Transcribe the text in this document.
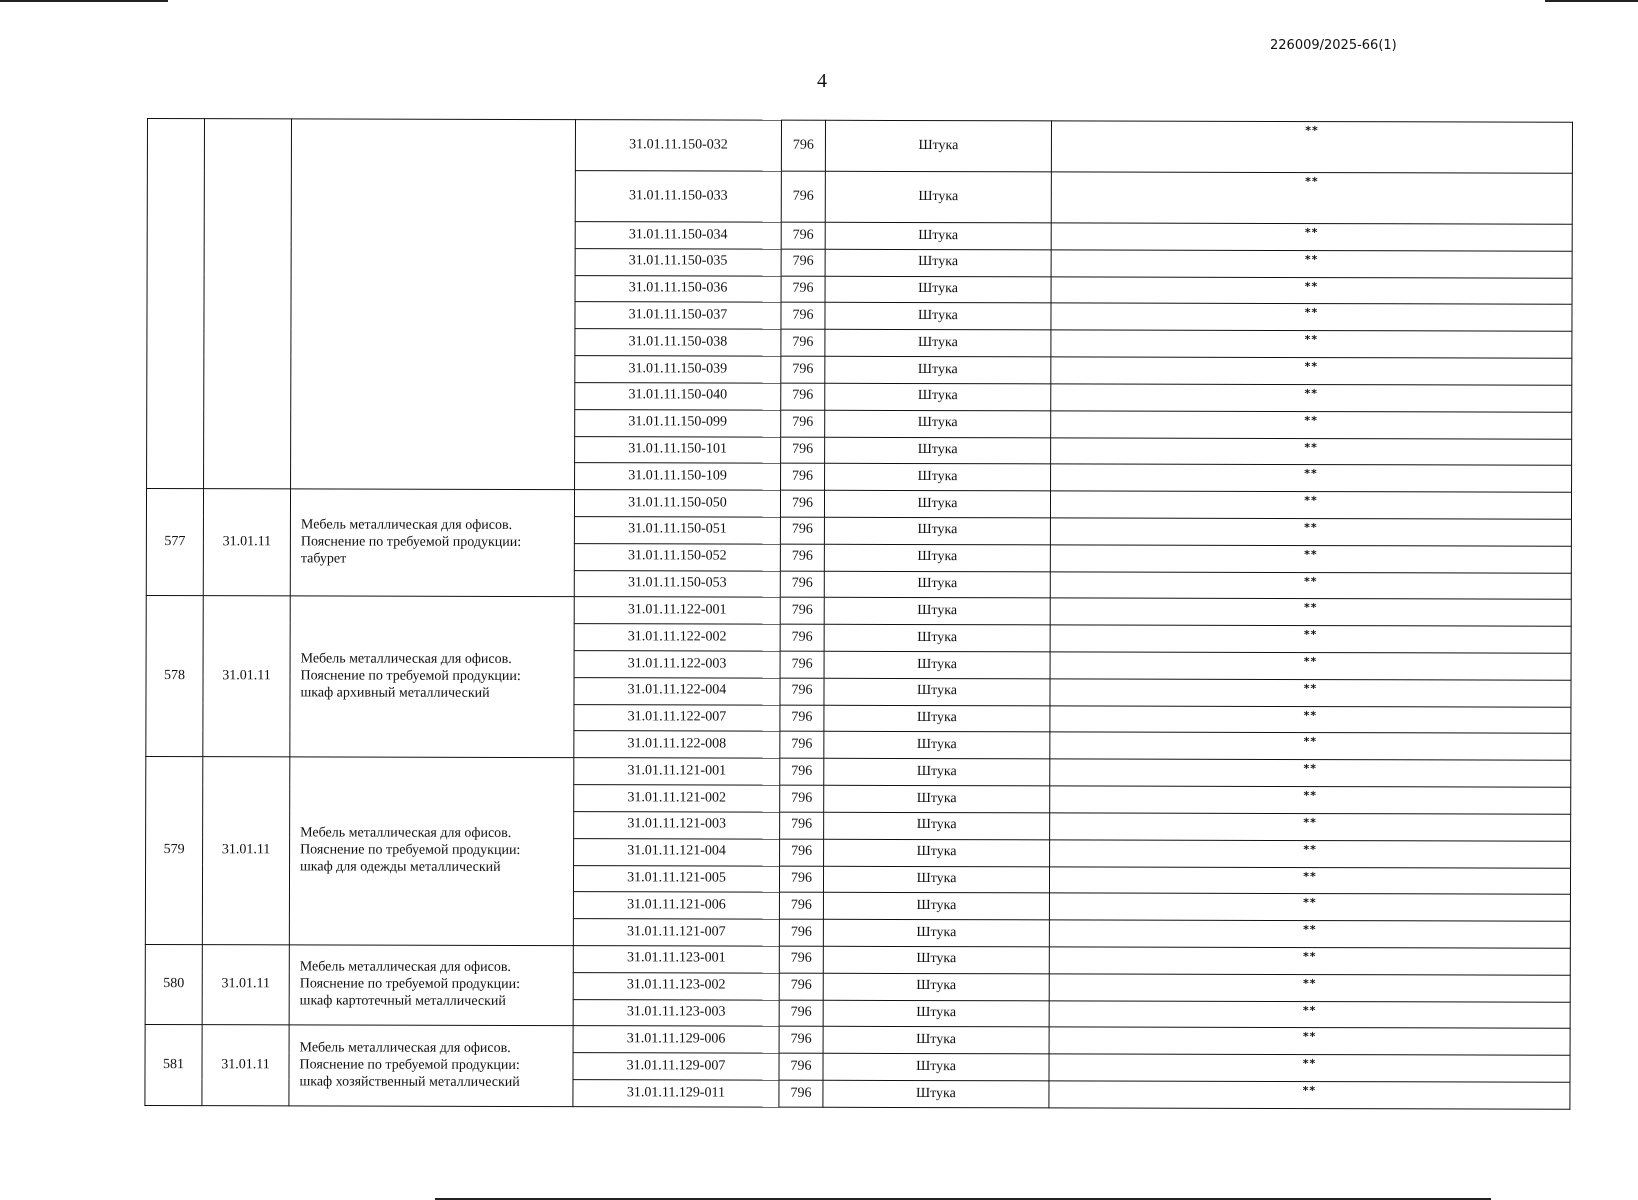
226009/2025-66(1)
4
			31.01.11.150-032	796	Штука	**
			31.01.11.150-033	796	Штука	**
			31.01.11.150-034	796	Штука	**
			31.01.11.150-035	796	Штука	**
			31.01.11.150-036	796	Штука	**
			31.01.11.150-037	796	Штука	**
			31.01.11.150-038	796	Штука	**
			31.01.11.150-039	796	Штука	**
			31.01.11.150-040	796	Штука	**
			31.01.11.150-099	796	Штука	**
			31.01.11.150-101	796	Штука	**
			31.01.11.150-109	796	Штука	**
577	31.01.11	Мебель металлическая для офисов.
Пояснение по требуемой продукции:
табурет	31.01.11.150-050	796	Штука	**
			31.01.11.150-051	796	Штука	**
			31.01.11.150-052	796	Штука	**
			31.01.11.150-053	796	Штука	**
578	31.01.11	Мебель металлическая для офисов.
Пояснение по требуемой продукции:
шкаф архивный металлический	31.01.11.122-001	796	Штука	**
			31.01.11.122-002	796	Штука	**
			31.01.11.122-003	796	Штука	**
			31.01.11.122-004	796	Штука	**
			31.01.11.122-007	796	Штука	**
			31.01.11.122-008	796	Штука	**
579	31.01.11	Мебель металлическая для офисов.
Пояснение по требуемой продукции:
шкаф для одежды металлический	31.01.11.121-001	796	Штука	**
			31.01.11.121-002	796	Штука	**
			31.01.11.121-003	796	Штука	**
			31.01.11.121-004	796	Штука	**
			31.01.11.121-005	796	Штука	**
			31.01.11.121-006	796	Штука	**
			31.01.11.121-007	796	Штука	**
580	31.01.11	Мебель металлическая для офисов.
Пояснение по требуемой продукции:
шкаф картотечный металлический	31.01.11.123-001	796	Штука	**
			31.01.11.123-002	796	Штука	**
			31.01.11.123-003	796	Штука	**
581	31.01.11	Мебель металлическая для офисов.
Пояснение по требуемой продукции:
шкаф хозяйственный металлический	31.01.11.129-006	796	Штука	**
			31.01.11.129-007	796	Штука	**
			31.01.11.129-011	796	Штука	**
